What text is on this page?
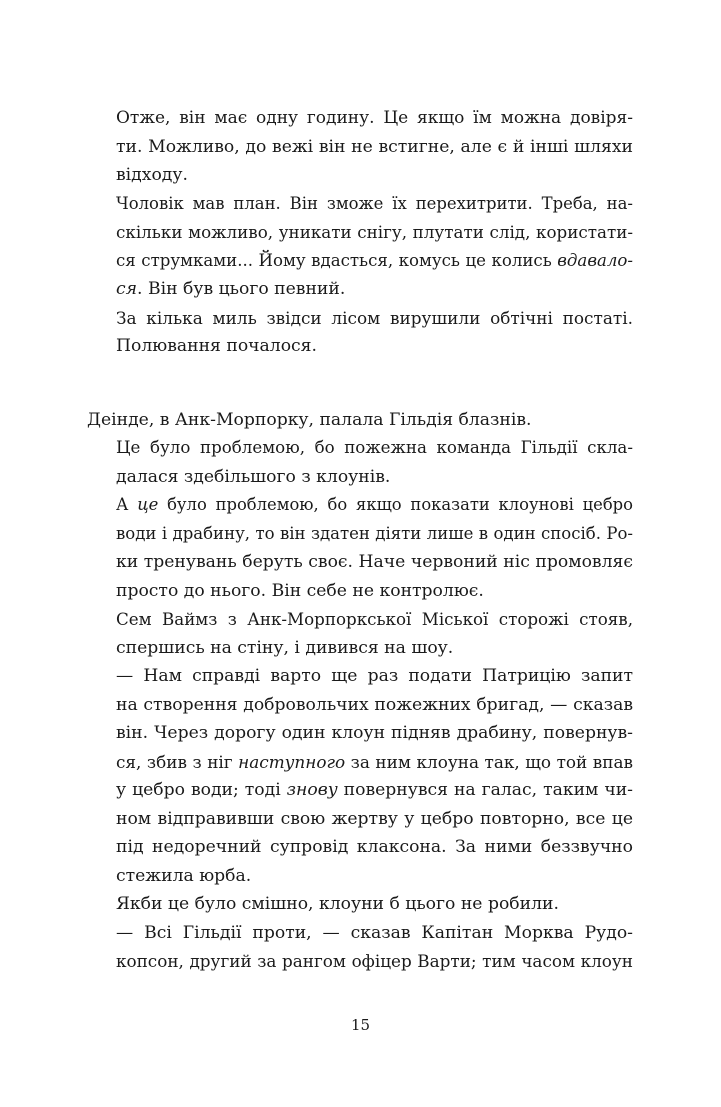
Отже, він має одну годину. Це якщо їм можна довіря-
ти. Можливо, до вежі він не встигне, але є й інші шляхи
відходу.

Чоловік мав план. Він зможе їх перехитрити. Треба, на-
скільки можливо, уникати снігу, плутати слід, користати-
ся струмками... Йому вдасться, комусь це колись вдавало-
ся. Він був цього певний.

За кілька миль звідси лісом вирушили обтічні постаті.
Полювання почалося.

Деінде, в Анк-Морпорку, палала Гільдія блазнів.

Це було проблемою, бо пожежна команда Гільдії скла-
далася здебільшого з клоунів.

А це було проблемою, бо якщо показати клоунові цебро
води і драбину, то він здатен діяти лише в один спосіб. Ро-
ки тренувань беруть своє. Наче червоний ніс промовляє
просто до нього. Він себе не контролює.

Сем Ваймз з Анк-Морпоркської Міської сторожі стояв,
спершись на стіну, і дивився на шоу.

— Нам справді варто ще раз подати Патрицію запит
на створення добровольчих пожежних бригад, — сказав
він. Через дорогу один клоун підняв драбину, повернув-
ся, збив з ніг наступного за ним клоуна так, що той впав
у цебро води; тоді знову повернувся на галас, таким чи-
ном відправивши свою жертву у цебро повторно, все це
під недоречний супровід клаксона. За ними беззвучно
стежила юрба.

Якби це було смішно, клоуни б цього не робили.

— Всі Гільдії проти, — сказав Капітан Морква Рудо-
копсон, другий за рангом офіцер Варти; тим часом клоун

15
